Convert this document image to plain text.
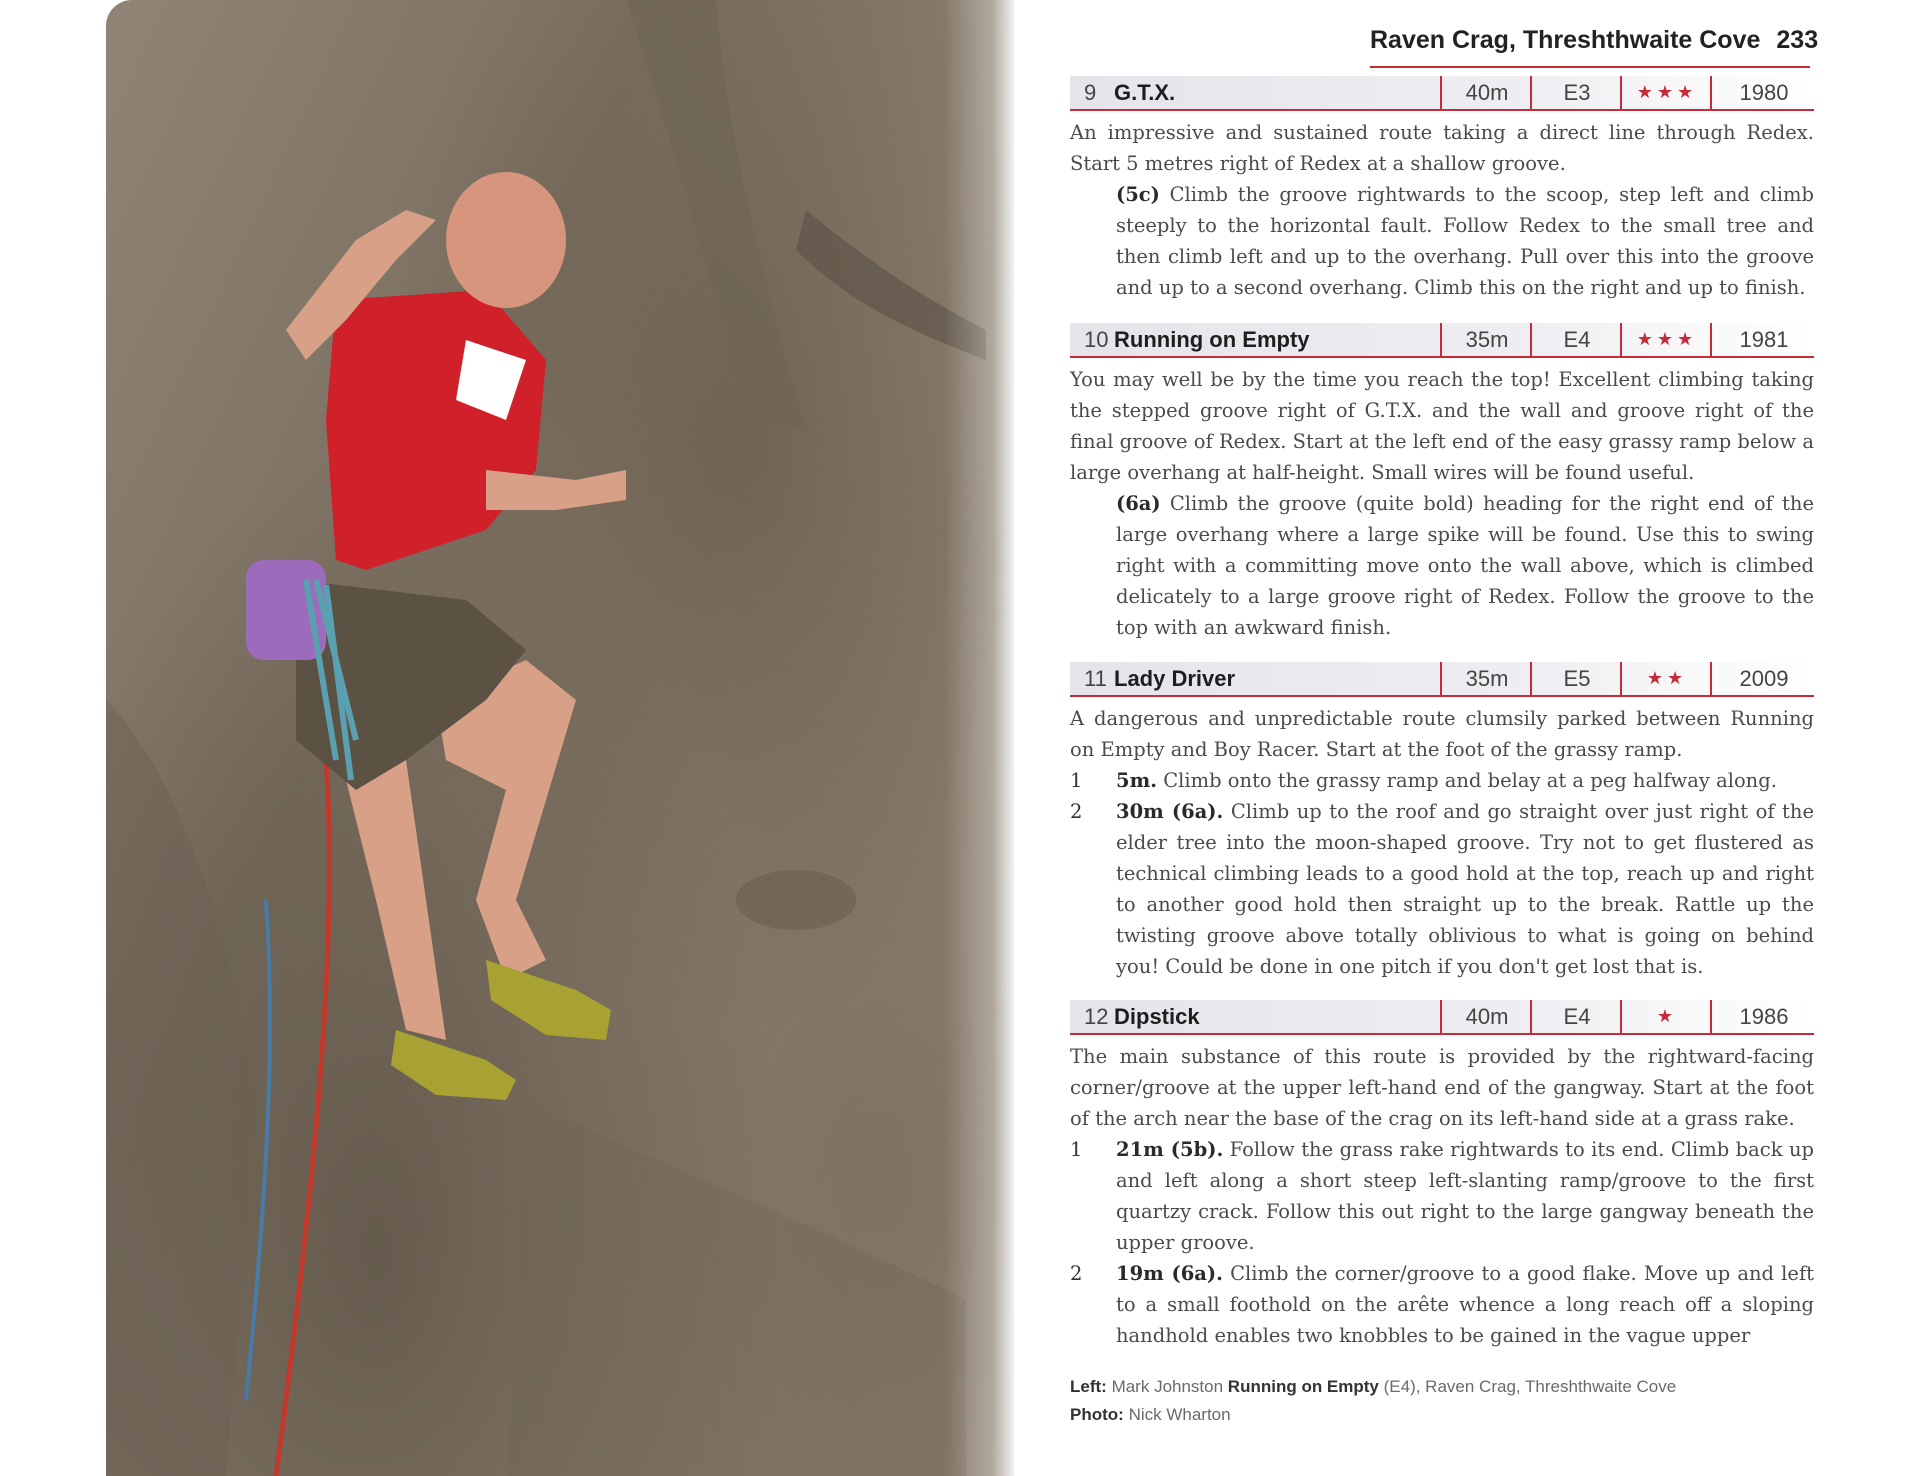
Raven Crag, Threshthwaite Cove 233
9 G.T.X.	40m	E3	★★★	1980
An impressive and sustained route taking a direct line through Redex. Start 5 metres right of Redex at a shallow groove.
(5c) Climb the groove rightwards to the scoop, step left and climb steeply to the horizontal fault. Follow Redex to the small tree and then climb left and up to the overhang. Pull over this into the groove and up to a second overhang. Climb this on the right and up to finish.
10 Running on Empty	35m	E4	★★★	1981
You may well be by the time you reach the top! Excellent climbing taking the stepped groove right of G.T.X. and the wall and groove right of the final groove of Redex. Start at the left end of the easy grassy ramp below a large overhang at half-height. Small wires will be found useful.
(6a) Climb the groove (quite bold) heading for the right end of the large overhang where a large spike will be found. Use this to swing right with a committing move onto the wall above, which is climbed delicately to a large groove right of Redex. Follow the groove to the top with an awkward finish.
11 Lady Driver	35m	E5	★★	2009
A dangerous and unpredictable route clumsily parked between Running on Empty and Boy Racer. Start at the foot of the grassy ramp.
1 5m. Climb onto the grassy ramp and belay at a peg halfway along.
2 30m (6a). Climb up to the roof and go straight over just right of the elder tree into the moon-shaped groove. Try not to get flustered as technical climbing leads to a good hold at the top, reach up and right to another good hold then straight up to the break. Rattle up the twisting groove above totally oblivious to what is going on behind you! Could be done in one pitch if you don't get lost that is.
12 Dipstick	40m	E4	★	1986
The main substance of this route is provided by the rightward-facing corner/groove at the upper left-hand end of the gangway. Start at the foot of the arch near the base of the crag on its left-hand side at a grass rake.
1 21m (5b). Follow the grass rake rightwards to its end. Climb back up and left along a short steep left-slanting ramp/groove to the first quartzy crack. Follow this out right to the large gangway beneath the upper groove.
2 19m (6a). Climb the corner/groove to a good flake. Move up and left to a small foothold on the arête whence a long reach off a sloping handhold enables two knobbles to be gained in the vague upper
Left: Mark Johnston Running on Empty (E4), Raven Crag, Threshthwaite Cove
Photo: Nick Wharton
